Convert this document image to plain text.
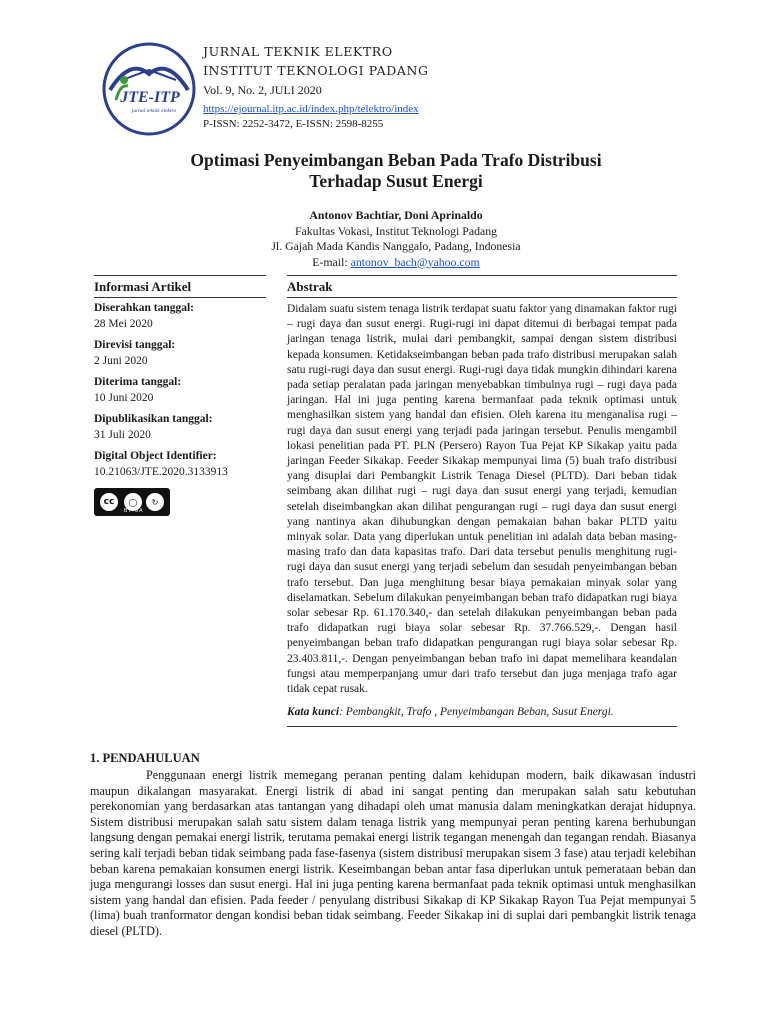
JTE-ITP
jurnal teknik elektro
JURNAL TEKNIK ELEKTRO
INSTITUT TEKNOLOGI PADANG
Vol. 9, No. 2, JULI 2020
https://ejournal.itp.ac.id/index.php/telektro/index
P-ISSN: 2252-3472, E-ISSN: 2598-8255
Optimasi Penyeimbangan Beban Pada Trafo Distribusi
Terhadap Susut Energi
Antonov Bachtiar, Doni Aprinaldo
Fakultas Vokasi, Institut Teknologi Padang
Jl. Gajah Mada Kandis Nanggalo, Padang, Indonesia
E-mail: antonov_bach@yahoo.com
Informasi Artikel
Diserahkan tanggal:
28 Mei 2020
Direvisi tanggal:
2 Juni 2020
Diterima tanggal:
10 Juni 2020
Dipublikasikan tanggal:
31 Juli 2020
Digital Object Identifier:
10.21063/JTE.2020.3133913
cc	◯	↻
BY SA
Abstrak
Didalam suatu sistem tenaga listrik terdapat suatu faktor yang dinamakan faktor rugi – rugi daya dan susut energi. Rugi-rugi ini dapat ditemui di berbagai tempat pada jaringan tenaga listrik, mulai dari pembangkit, sampai dengan sistem distribusi kepada konsumen. Ketidakseimbangan beban pada trafo distribusi merupakan salah satu rugi-rugi daya dan susut energi. Rugi-rugi daya tidak mungkin dihindari karena pada setiap peralatan pada jaringan menyebabkan timbulnya rugi – rugi daya pada jaringan. Hal ini juga penting karena bermanfaat pada teknik optimasi untuk menghasilkan sistem yang handal dan efisien. Oleh karena itu menganalisa rugi – rugi daya dan susut energi yang terjadi pada jaringan tersebut. Penulis mengambil lokasi penelitian pada PT. PLN (Persero) Rayon Tua Pejat KP Sikakap yaitu pada jaringan Feeder Sikakap. Feeder Sikakap mempunyai lima (5) buah trafo distribusi yang disuplai dari Pembangkit Listrik Tenaga Diesel (PLTD). Dari beban tidak seimbang akan dilihat rugi – rugi daya dan susut energi yang terjadi, kemudian setelah diseimbangkan akan dilihat pengurangan rugi – rugi daya dan susut energi yang nantinya akan dihubungkan dengan pemakaian bahan bakar PLTD yaitu minyak solar. Data yang diperlukan untuk penelitian ini adalah data beban masing-masing trafo dan data kapasitas trafo. Dari data tersebut penulis menghitung rugi-rugi daya dan susut energi yang terjadi sebelum dan sesudah penyeimbangan beban trafo tersebut. Dan juga menghitung besar biaya pemakaian minyak solar yang diselamatkan. Sebelum dilakukan penyeimbangan beban trafo didapatkan rugi biaya solar sebesar Rp. 61.170.340,- dan setelah dilakukan penyeimbangan beban pada trafo didapatkan rugi biaya solar sebesar Rp. 37.766.529,-. Dengan hasil penyeimbangan beban trafo didapatkan pengurangan rugi biaya solar sebesar Rp. 23.403.811,-. Dengan penyeimbangan beban trafo ini dapat memelihara keandalan fungsi atau memperpanjang umur dari trafo tersebut dan juga menjaga trafo agar tidak cepat rusak.
Kata kunci: Pembangkit, Trafo , Penyeimbangan Beban, Susut Energi.
1. PENDAHULUAN
Penggunaan energi listrik memegang peranan penting dalam kehidupan modern, baik dikawasan industri maupun dikalangan masyarakat. Energi listrik di abad ini sangat penting dan merupakan salah satu kebutuhan perekonomian yang berdasarkan atas tantangan yang dihadapi oleh umat manusia dalam meningkatkan derajat hidupnya. Sistem distribusi merupakan salah satu sistem dalam tenaga listrik yang mempunyai peran penting karena berhubungan langsung dengan pemakai energi listrik, terutama pemakai energi listrik tegangan menengah dan tegangan rendah. Biasanya sering kali terjadi beban tidak seimbang pada fase-fasenya (sistem distribusi merupakan sisem 3 fase) atau terjadi kelebihan beban karena pemakaian konsumen energi listrik. Keseimbangan beban antar fasa diperlukan untuk pemerataan beban dan juga mengurangi losses dan susut energi. Hal ini juga penting karena bermanfaat pada teknik optimasi untuk menghasilkan sistem yang handal dan efisien. Pada feeder / penyulang distribusi Sikakap di KP Sikakap Rayon Tua Pejat mempunyai 5 (lima) buah tranformator dengan kondisi beban tidak seimbang. Feeder Sikakap ini di suplai dari pembangkit listrik tenaga diesel (PLTD).
